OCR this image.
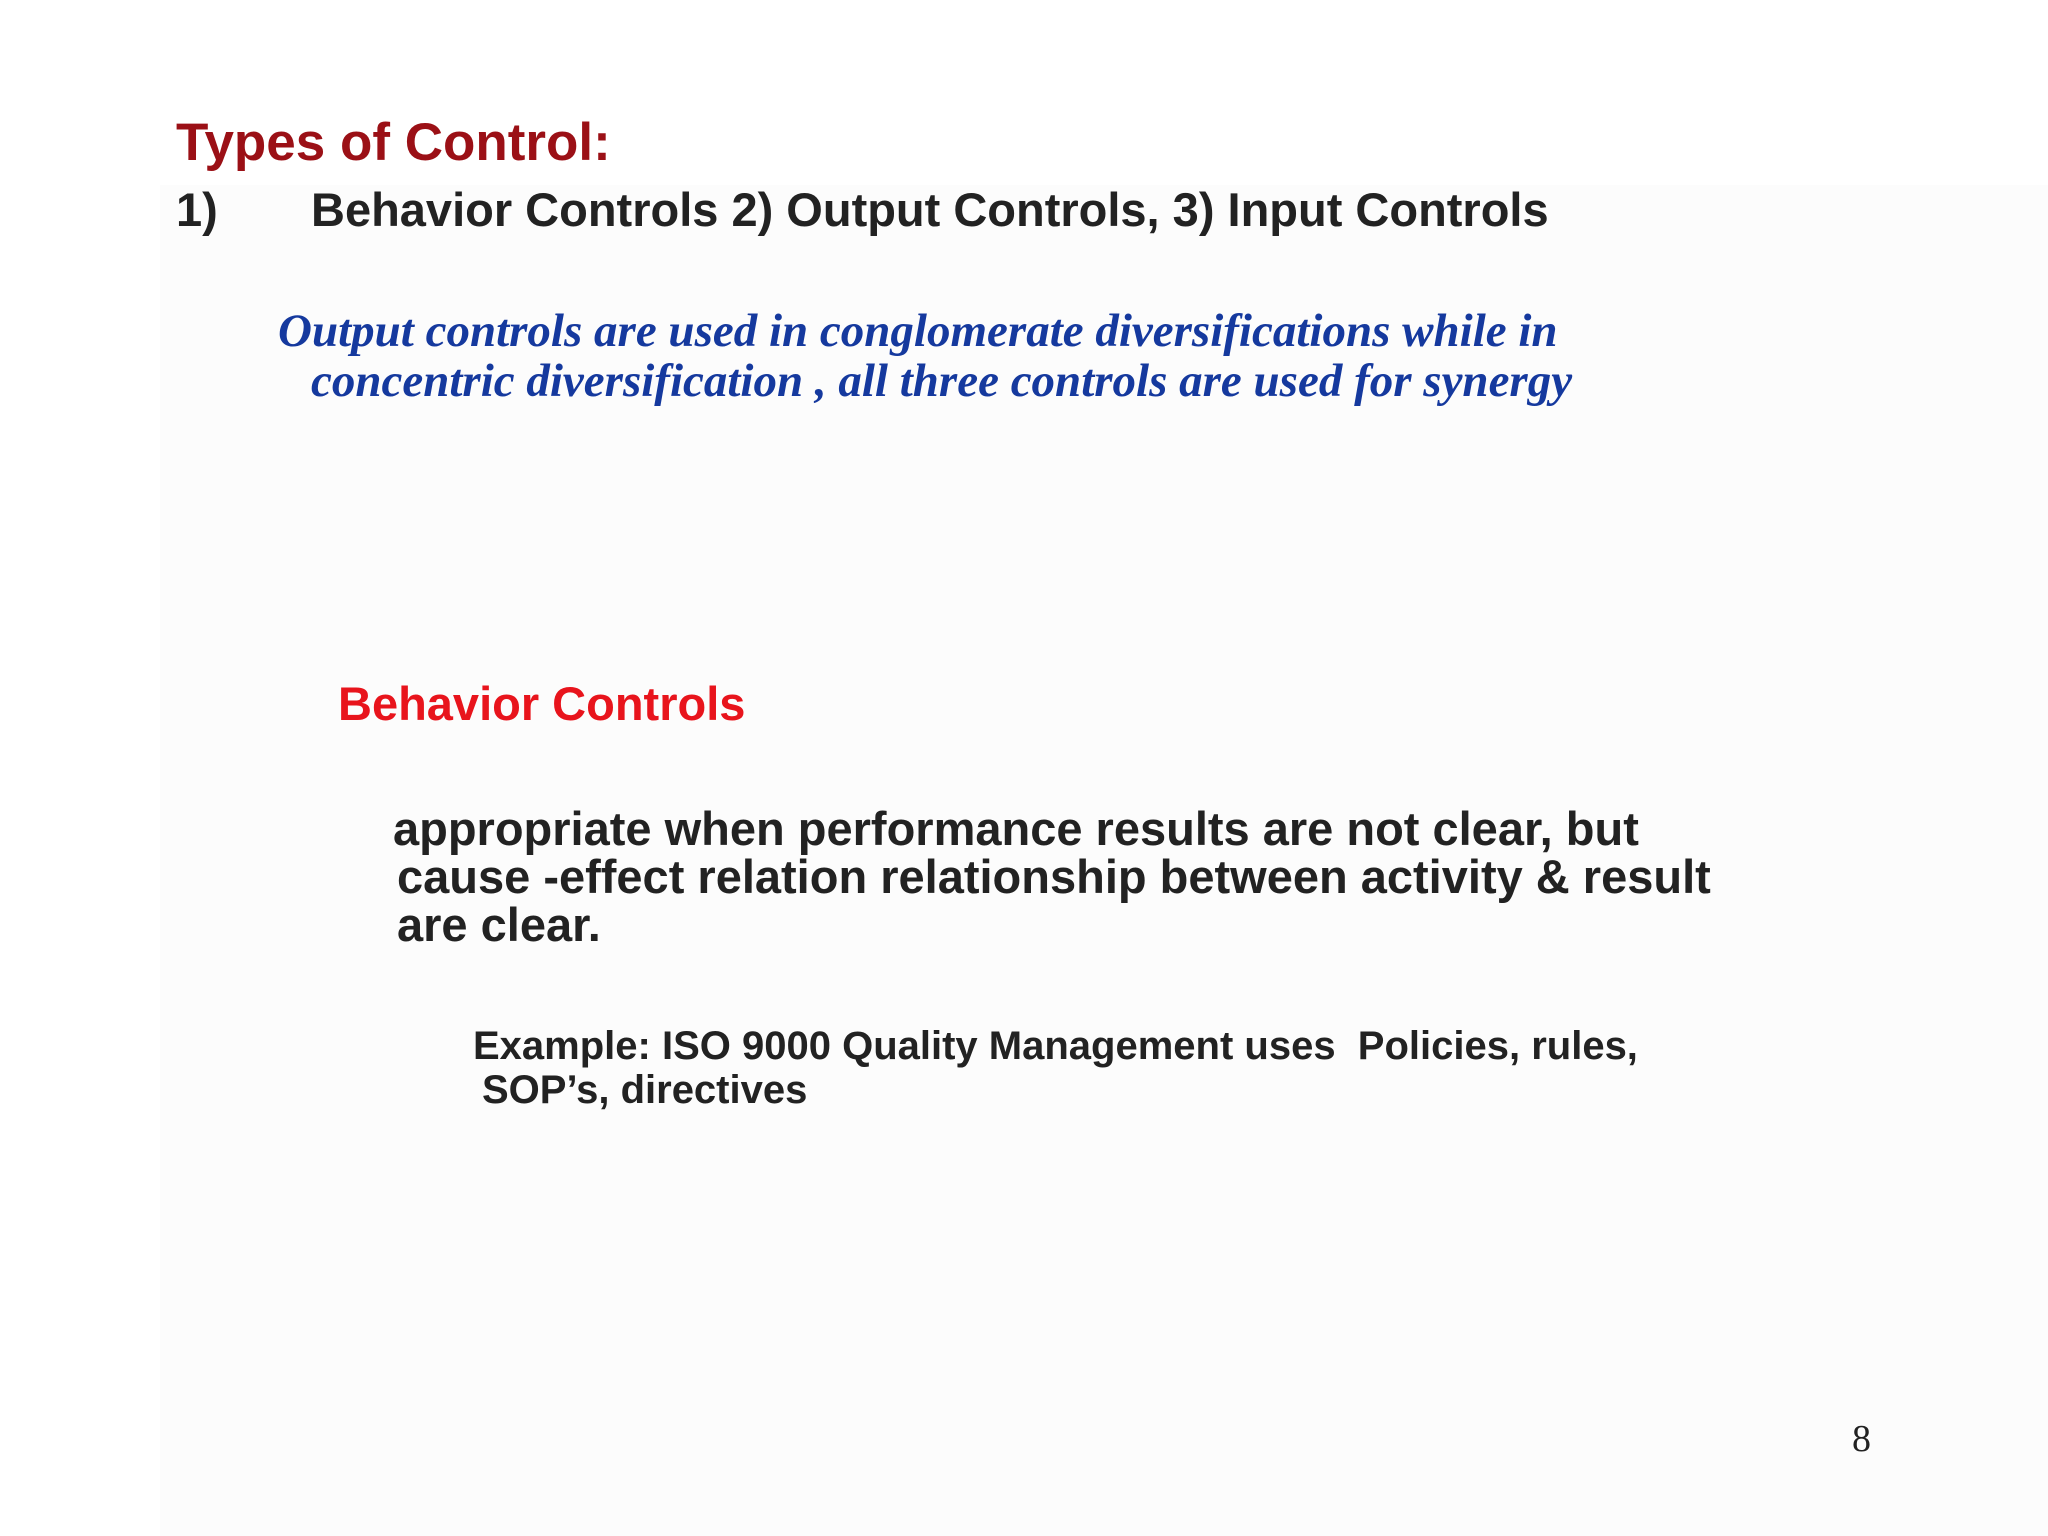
Types of Control:
1) Behavior Controls 2) Output Controls, 3) Input Controls

Output controls are used in conglomerate diversifications while in
concentric diversification , all three controls are used for synergy

Behavior Controls

appropriate when performance results are not clear, but
cause -effect relation relationship between activity & result
are clear.

Example: ISO 9000 Quality Management uses  Policies, rules,
SOP’s, directives

8
